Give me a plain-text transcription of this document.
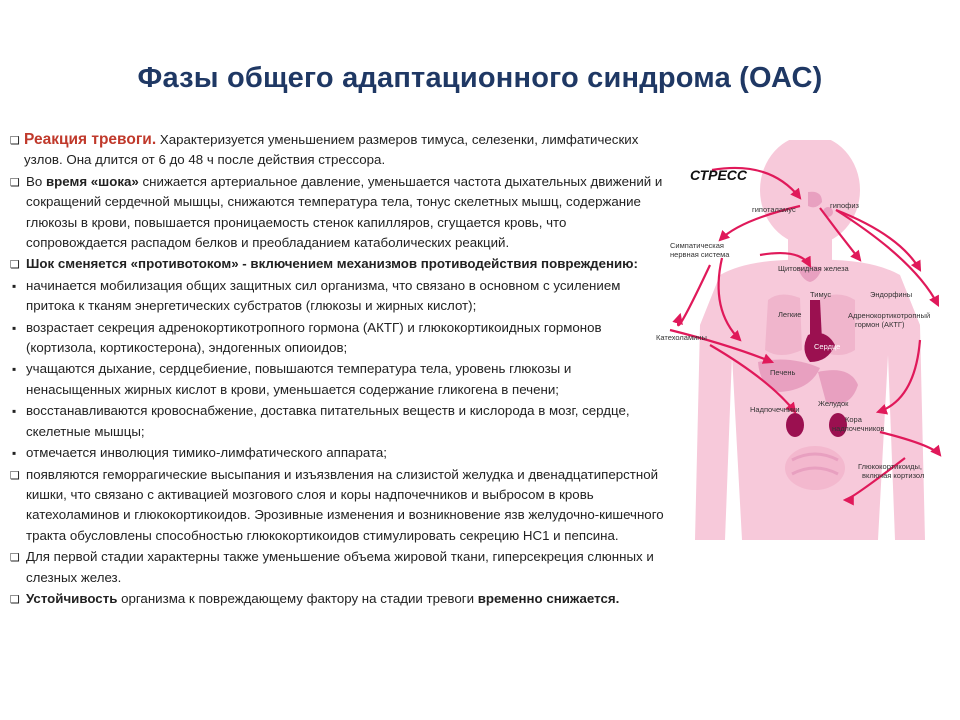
Фазы общего адаптационного синдрома (ОАС)
❑ Реакция тревоги. Характеризуется уменьшением размеров тимуса, селезенки, лимфатических узлов. Она длится от 6 до 48 ч после действия стрессора.
❑ Во время «шока» снижается артериальное давление, уменьшается частота дыхательных движений и сокращений сердечной мышцы, снижаются температура тела, тонус скелетных мышц, содержание глюкозы в крови, повышается проницаемость стенок капилляров, сгущается кровь, что сопровождается распадом белков и преобладанием катаболических реакций.
❑ Шок сменяется «противотоком» - включением механизмов противодействия повреждению:
▪ начинается мобилизация общих защитных сил организма, что связано в основном с усилением притока к тканям энергетических субстратов (глюкозы и жирных кислот);
▪ возрастает секреция адренокортикотропного гормона (АКТГ) и глюкокортикоидных гормонов (кортизола, кортикостерона), эндогенных опиоидов;
▪ учащаются дыхание, сердцебиение, повышаются температура тела, уровень глюкозы и ненасыщенных жирных кислот в крови, уменьшается содержание гликогена в печени;
▪ восстанавливаются кровоснабжение, доставка питательных веществ и кислорода в мозг, сердце, скелетные мышцы;
▪ отмечается инволюция тимико-лимфатического аппарата;
❑ появляются геморрагические высыпания и изъязвления на слизистой желудка и двенадцатиперстной кишки, что связано с активацией мозгового слоя и коры надпочечников и выбросом в кровь катехоламинов и глюкокортикоидов. Эрозивные изменения и возникновение язв желудочно-кишечного тракта обусловлены способностью глюкокортикоидов стимулировать секрецию НС1 и пепсина.
❑ Для первой стадии характерны также уменьшение объема жировой ткани, гиперсекреция слюнных и слезных желез.
❑ Устойчивость организма к повреждающему фактору на стадии тревоги временно снижается.
СТРЕСС
гипоталамус	гипофиз
Симпатическая
нервная система
Щитовидная железа
Тимус	Эндорфины
Легкие	Адренокортикотропный
гормон (АКТГ)
Катехоламины
Сердце
Печень
Желудок
Надпочечники
Кора
надпочечников
Глюкокортикоиды,
включая кортизол
